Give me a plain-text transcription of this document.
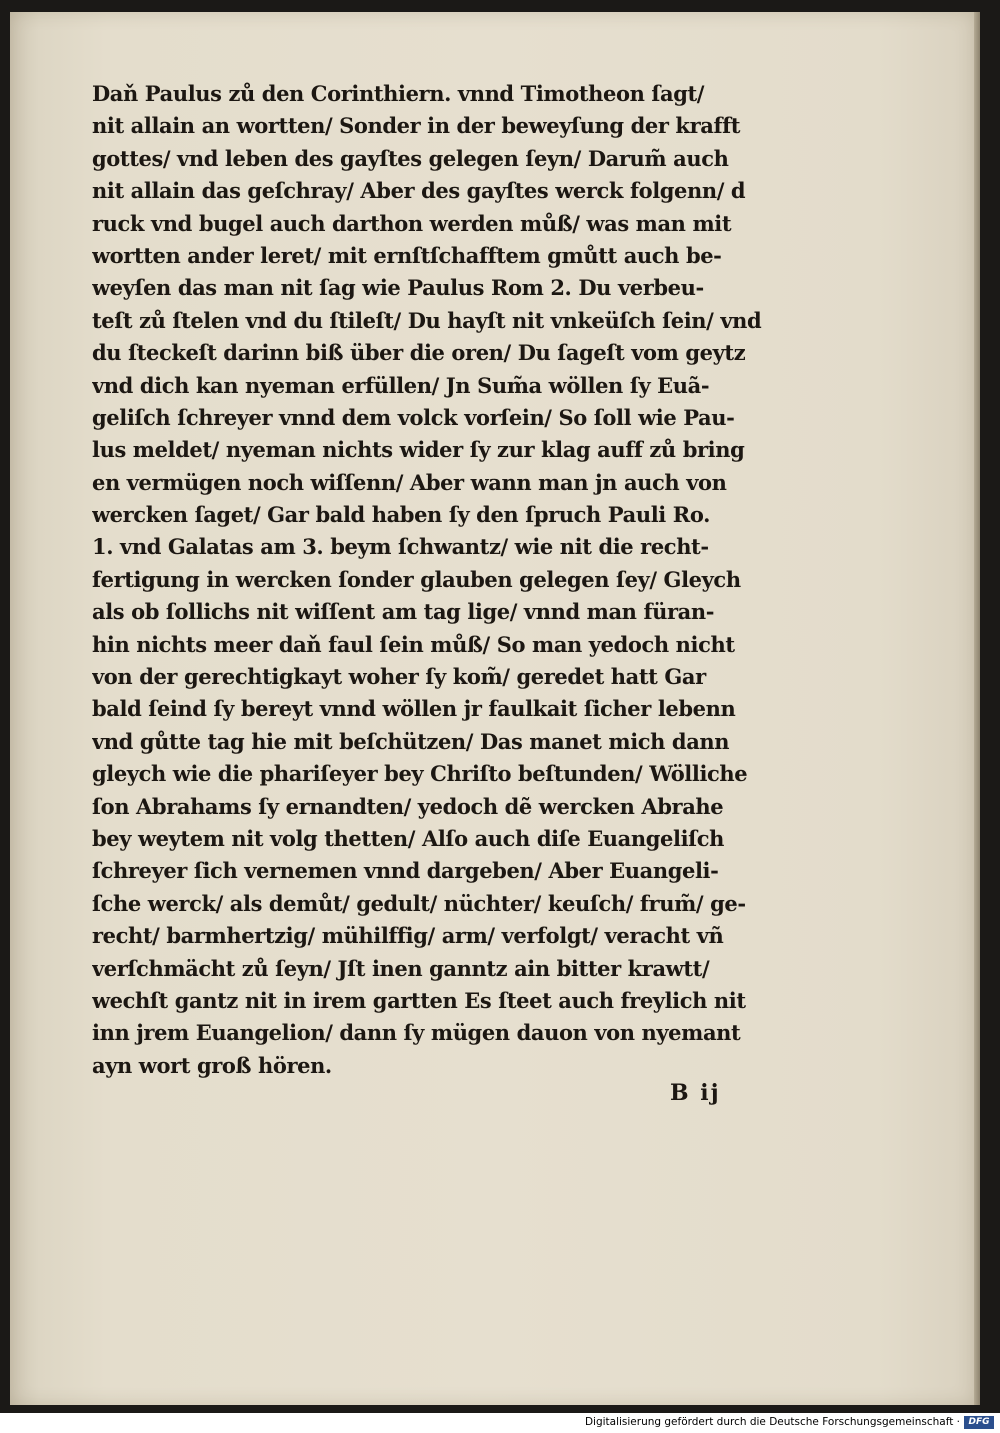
Daň Paulus zů den Corinthiern. vnnd Timotheon ſagt/
nit allain an wortten/ Sonder in der beweyſung der krafft
gottes/ vnd leben des gayſtes gelegen ſeyn/ Darum̃ auch
nit allain das geſchray/ Aber des gayſtes werck folgenn/ d
ruck vnd bugel auch darthon werden můß/ was man mit
wortten ander leret/ mit ernſtſchafftem gmůtt auch be-
weyſen das man nit ſag wie Paulus Rom 2. Du verbeu-
teſt zů ſtelen vnd du ſtileſt/ Du hayſt nit vnkeüſch ſein/ vnd
du ſteckeſt darinn biß über die oren/ Du ſageſt vom geytz
vnd dich kan nyeman erfüllen/ Jn Sum̃a wöllen ſy Euã-
geliſch ſchreyer vnnd dem volck vorſein/ So ſoll wie Pau-
lus meldet/ nyeman nichts wider ſy zur klag auff zů bring
en vermügen noch wiſſenn/ Aber wann man jn auch von
wercken ſaget/ Gar bald haben ſy den ſpruch Pauli Ro.
1. vnd Galatas am 3. beym ſchwantz/ wie nit die recht-
fertigung in wercken ſonder glauben gelegen ſey/ Gleych
als ob ſollichs nit wiſſent am tag lige/ vnnd man füran-
hin nichts meer daň faul ſein můß/ So man yedoch nicht
von der gerechtigkayt woher ſy kom̃/ geredet hatt Gar
bald ſeind ſy bereyt vnnd wöllen jr faulkait ſicher lebenn
vnd gůtte tag hie mit beſchützen/ Das manet mich dann
gleych wie die phariſeyer bey Chriſto beſtunden/ Wölliche
ſon Abrahams ſy ernandten/ yedoch dẽ wercken Abrahe
bey weytem nit volg thetten/ Alſo auch diſe Euangeliſch
ſchreyer ſich vernemen vnnd dargeben/ Aber Euangeli-
ſche werck/ als demůt/ gedult/ nüchter/ keuſch/ frum̃/ ge-
recht/ barmhertzig/ mühilffig/ arm/ verfolgt/ veracht vñ
verſchmächt zů ſeyn/ Jſt inen ganntz ain bitter krawtt/
wechſt gantz nit in irem gartten Es ſteet auch freylich nit
inn jrem Euangelion/ dann ſy mügen dauon von nyemant
ayn wort groß hören.
B ij
Digitalisierung gefördert durch die Deutsche Forschungsgemeinschaft · DFG
